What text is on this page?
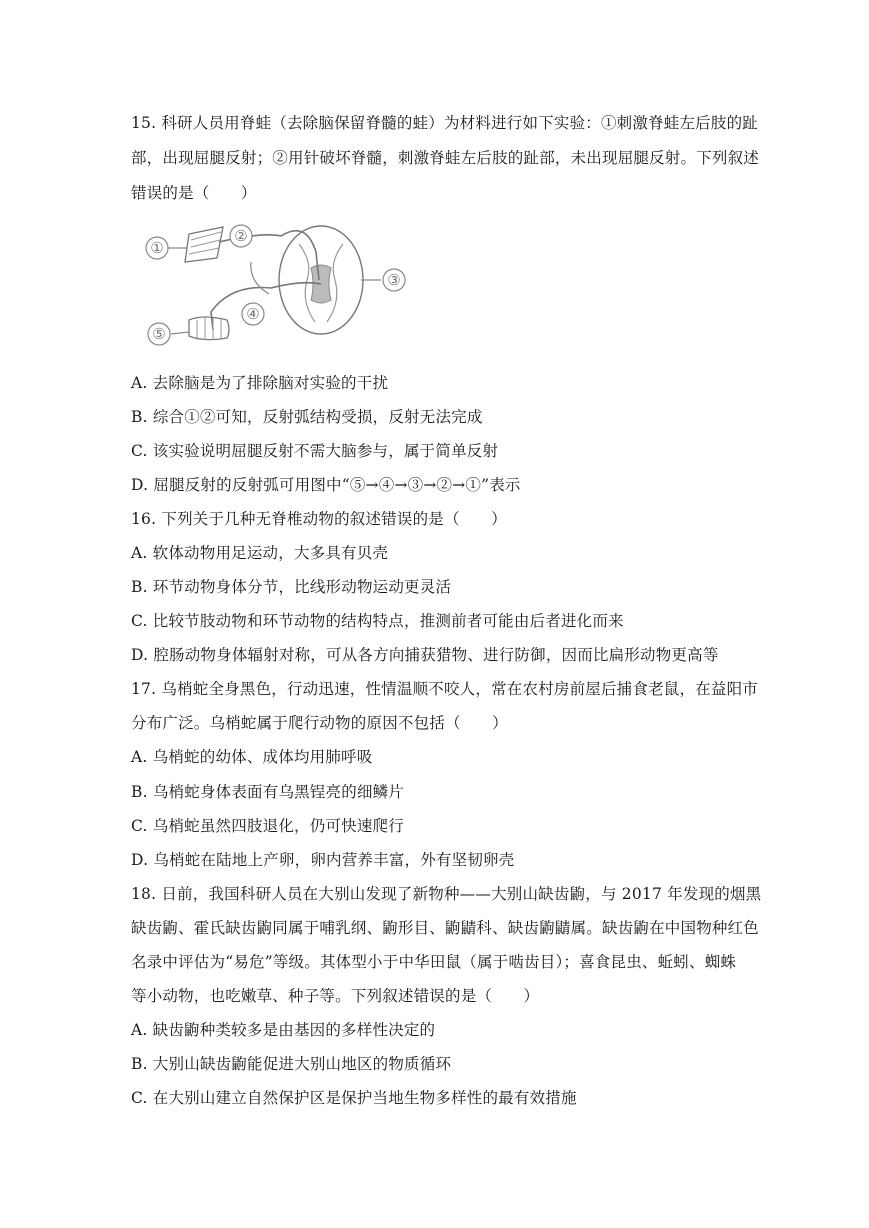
15. 科研人员用脊蛙（去除脑保留脊髓的蛙）为材料进行如下实验：①刺激脊蛙左后肢的趾
部，出现屈腿反射；②用针破坏脊髓，刺激脊蛙左后肢的趾部，未出现屈腿反射。下列叙述
错误的是（　　）
①
②
③
④
⑤
A. 去除脑是为了排除脑对实验的干扰
B. 综合①②可知，反射弧结构受损，反射无法完成
C. 该实验说明屈腿反射不需大脑参与，属于简单反射
D. 屈腿反射的反射弧可用图中“⑤→④→③→②→①”表示
16. 下列关于几种无脊椎动物的叙述错误的是（　　）
A. 软体动物用足运动，大多具有贝壳
B. 环节动物身体分节，比线形动物运动更灵活
C. 比较节肢动物和环节动物的结构特点，推测前者可能由后者进化而来
D. 腔肠动物身体辐射对称，可从各方向捕获猎物、进行防御，因而比扁形动物更高等
17. 乌梢蛇全身黑色，行动迅速，性情温顺不咬人，常在农村房前屋后捕食老鼠，在益阳市
分布广泛。乌梢蛇属于爬行动物的原因不包括（　　）
A. 乌梢蛇的幼体、成体均用肺呼吸
B. 乌梢蛇身体表面有乌黑锃亮的细鳞片
C. 乌梢蛇虽然四肢退化，仍可快速爬行
D. 乌梢蛇在陆地上产卵，卵内营养丰富，外有坚韧卵壳
18. 日前，我国科研人员在大别山发现了新物种——大别山缺齿鼩，与 2017 年发现的烟黑
缺齿鼩、霍氏缺齿鼩同属于哺乳纲、鼩形目、鼩鼱科、缺齿鼩鼱属。缺齿鼩在中国物种红色
名录中评估为“易危”等级。其体型小于中华田鼠（属于啮齿目）；喜食昆虫、蚯蚓、蜘蛛
等小动物，也吃嫩草、种子等。下列叙述错误的是（　　）
A. 缺齿鼩种类较多是由基因的多样性决定的
B. 大别山缺齿鼩能促进大别山地区的物质循环
C. 在大别山建立自然保护区是保护当地生物多样性的最有效措施
